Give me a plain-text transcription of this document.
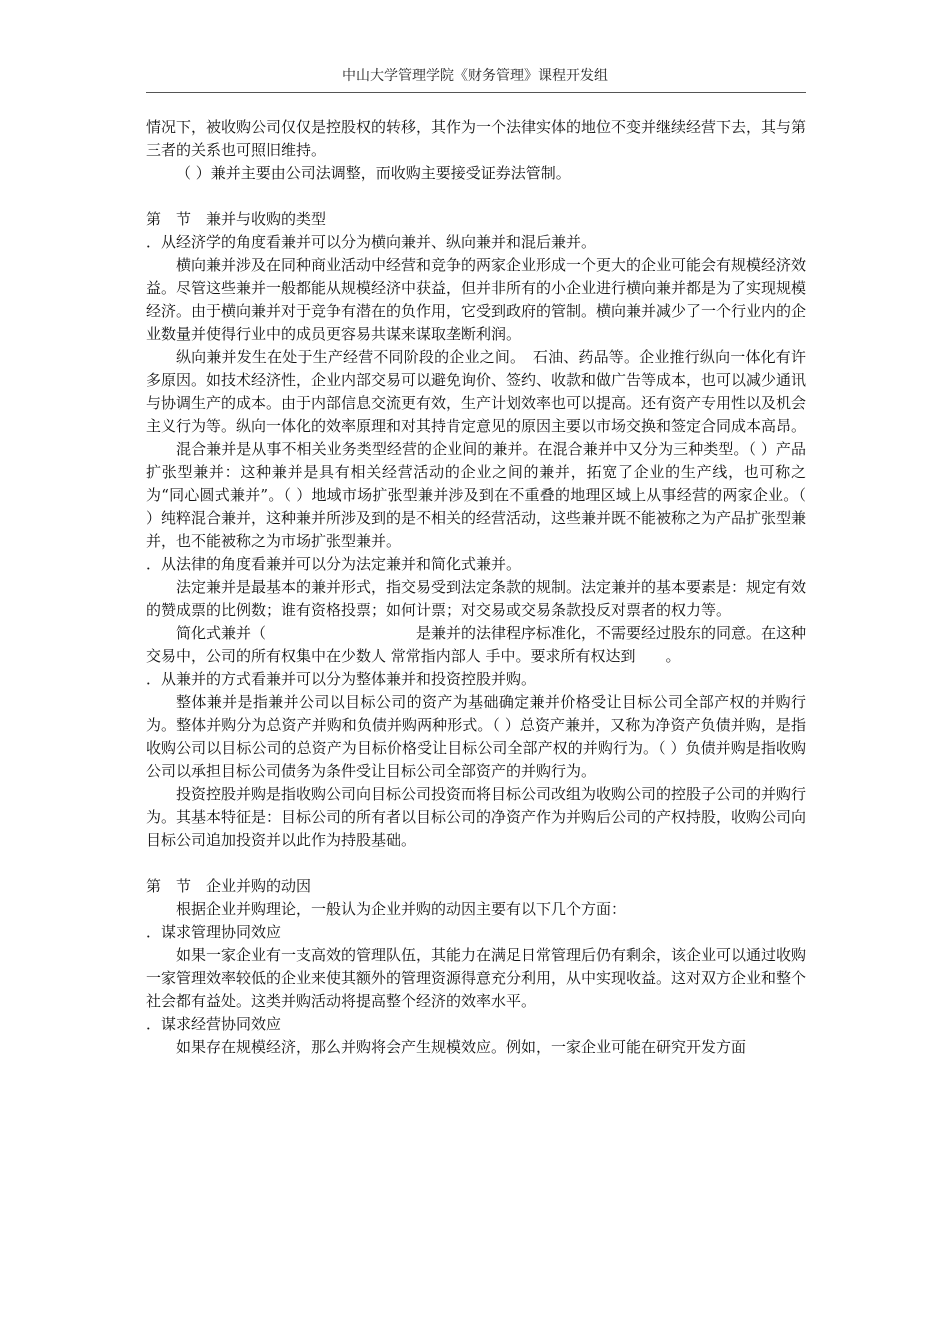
中山大学管理学院《财务管理》课程开发组

情况下，被收购公司仅仅是控股权的转移，其作为一个法律实体的地位不变并继续经营下去，其与第三者的关系也可照旧维持。

（ ）兼并主要由公司法调整，而收购主要接受证券法管制。

第　节　兼并与收购的类型

．从经济学的角度看兼并可以分为横向兼并、纵向兼并和混后兼并。

横向兼并涉及在同种商业活动中经营和竞争的两家企业形成一个更大的企业可能会有规模经济效益。尽管这些兼并一般都能从规模经济中获益，但并非所有的小企业进行横向兼并都是为了实现规模经济。由于横向兼并对于竞争有潜在的负作用，它受到政府的管制。横向兼并减少了一个行业内的企业数量并使得行业中的成员更容易共谋来谋取垄断利润。

纵向兼并发生在处于生产经营不同阶段的企业之间。　石油、药品等。企业推行纵向一体化有许多原因。如技术经济性，企业内部交易可以避免询价、签约、收款和做广告等成本，也可以减少通讯与协调生产的成本。由于内部信息交流更有效，生产计划效率也可以提高。还有资产专用性以及机会主义行为等。纵向一体化的效率原理和对其持肯定意见的原因主要以市场交换和签定合同成本高昂。

混合兼并是从事不相关业务类型经营的企业间的兼并。在混合兼并中又分为三种类型。（ ）产品扩张型兼并：这种兼并是具有相关经营活动的企业之间的兼并，拓宽了企业的生产线，也可称之为“同心圆式兼并”。（ ）地域市场扩张型兼并涉及到在不重叠的地理区域上从事经营的两家企业。（ ）纯粹混合兼并，这种兼并所涉及到的是不相关的经营活动，这些兼并既不能被称之为产品扩张型兼并，也不能被称之为市场扩张型兼并。

．从法律的角度看兼并可以分为法定兼并和简化式兼并。

法定兼并是最基本的兼并形式，指交易受到法定条款的规制。法定兼并的基本要素是：规定有效的赞成票的比例数；谁有资格投票；如何计票；对交易或交易条款投反对票者的权力等。

简化式兼并（　　　　　　　　　　是兼并的法律程序标准化，不需要经过股东的同意。在这种交易中，公司的所有权集中在少数人 常常指内部人 手中。要求所有权达到　　。

．从兼并的方式看兼并可以分为整体兼并和投资控股并购。

整体兼并是指兼并公司以目标公司的资产为基础确定兼并价格受让目标公司全部产权的并购行为。整体并购分为总资产并购和负债并购两种形式。（ ）总资产兼并，又称为净资产负债并购，是指收购公司以目标公司的总资产为目标价格受让目标公司全部产权的并购行为。（ ）负债并购是指收购公司以承担目标公司债务为条件受让目标公司全部资产的并购行为。

投资控股并购是指收购公司向目标公司投资而将目标公司改组为收购公司的控股子公司的并购行为。其基本特征是：目标公司的所有者以目标公司的净资产作为并购后公司的产权持股，收购公司向目标公司追加投资并以此作为持股基础。

第　节　企业并购的动因

根据企业并购理论，一般认为企业并购的动因主要有以下几个方面：

．谋求管理协同效应

如果一家企业有一支高效的管理队伍，其能力在满足日常管理后仍有剩余，该企业可以通过收购一家管理效率较低的企业来使其额外的管理资源得意充分利用，从中实现收益。这对双方企业和整个社会都有益处。这类并购活动将提高整个经济的效率水平。

．谋求经营协同效应

如果存在规模经济，那么并购将会产生规模效应。例如，一家企业可能在研究开发方面
